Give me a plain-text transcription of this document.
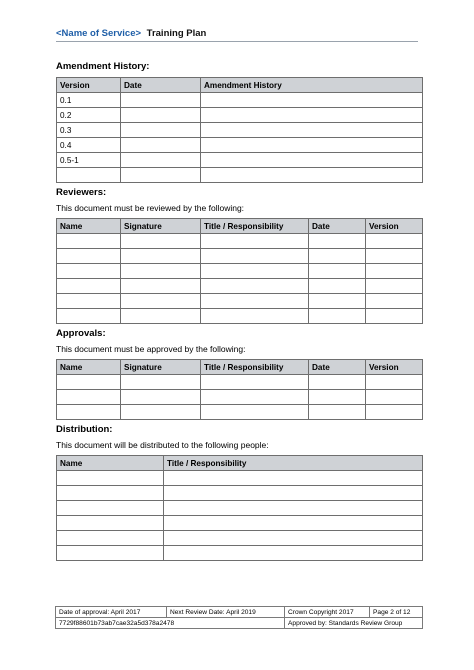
<Name of Service> Training Plan
Amendment History:
Version	Date	Amendment History
0.1		
0.2		
0.3		
0.4		
0.5-1		

Reviewers:
This document must be reviewed by the following:
Name	Signature	Title / Responsibility	Date	Version

Approvals:
This document must be approved by the following:
Name	Signature	Title / Responsibility	Date	Version

Distribution:
This document will be distributed to the following people:
Name	Title / Responsibility

Date of approval: April 2017	Next Review Date: April 2019	Crown Copyright 2017	Page 2 of 12
7729f88601b73ab7cae32a5d378a2478		Approved by: Standards Review Group	
